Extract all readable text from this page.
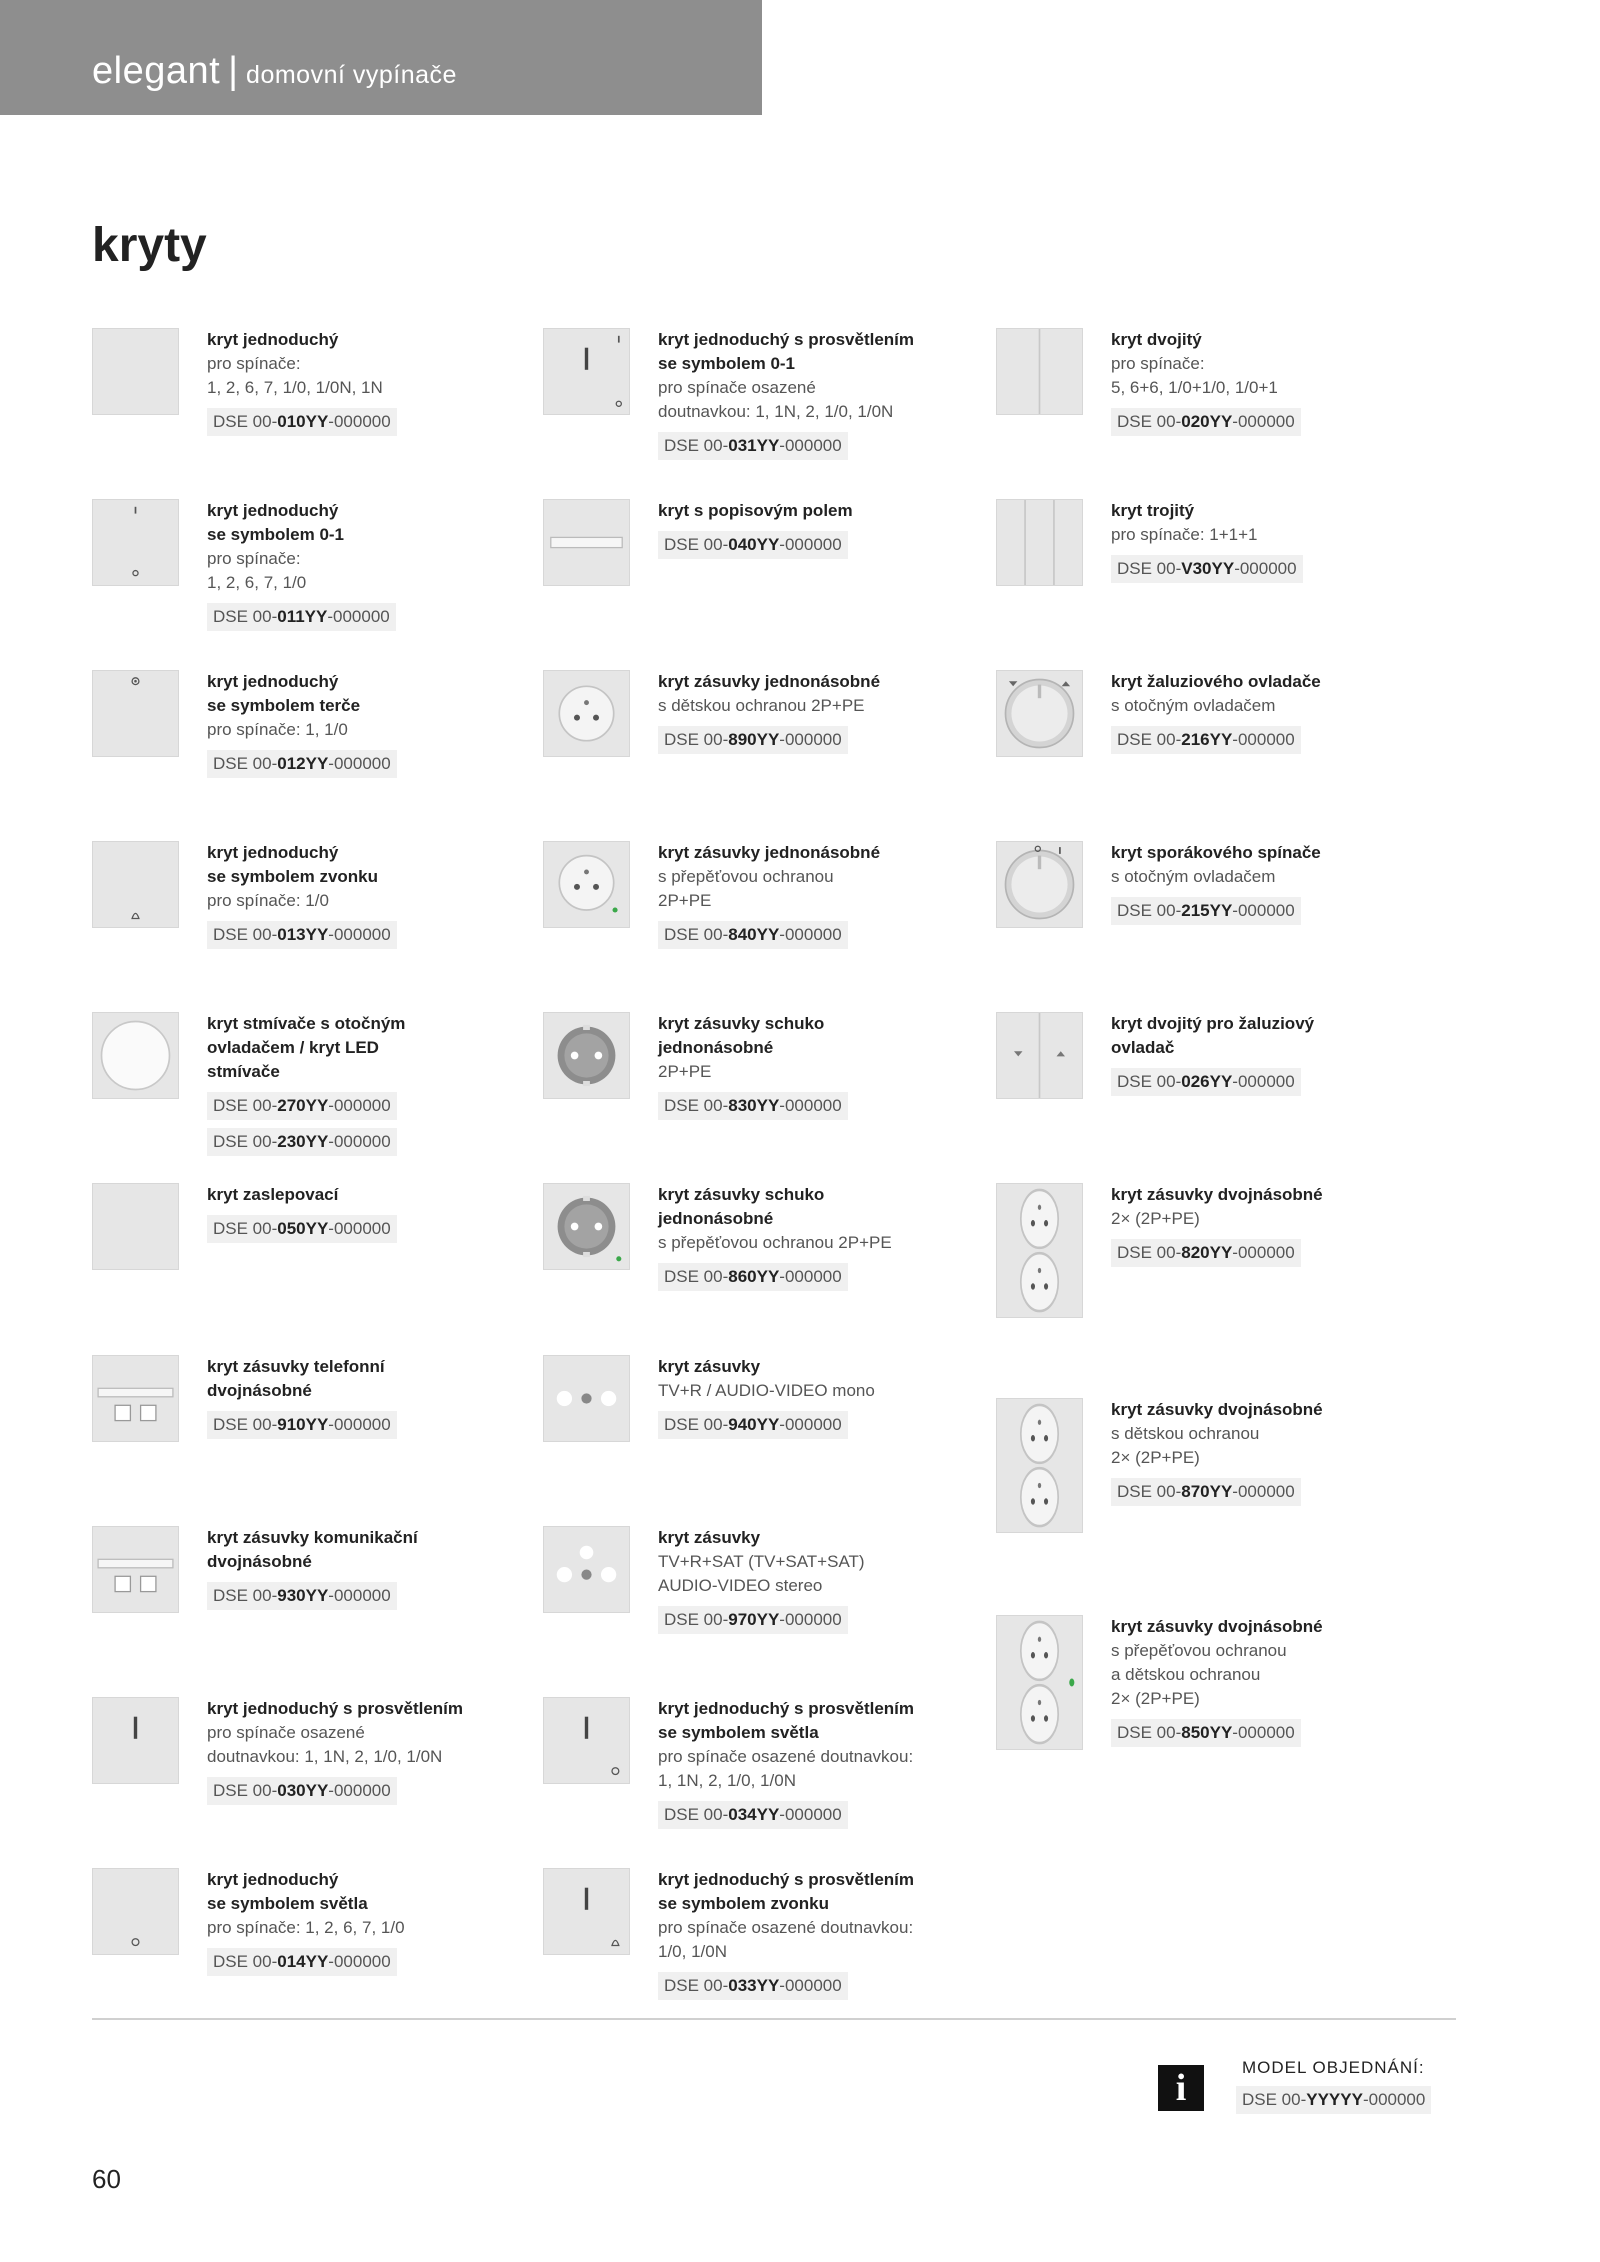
elegant | domovní vypínače
kryty

kryt jednoduchý

pro spínače:

1, 2, 6, 7, 1/0, 1/0N, 1N

DSE 00-010YY-000000

kryt jednoduchý s prosvětlením

se symbolem 0-1

pro spínače osazené

doutnavkou: 1, 1N, 2, 1/0, 1/0N

DSE 00-031YY-000000

kryt dvojitý

pro spínače:

5, 6+6, 1/0+1/0, 1/0+1

DSE 00-020YY-000000

kryt jednoduchý

se symbolem 0-1

pro spínače:

1, 2, 6, 7, 1/0

DSE 00-011YY-000000

kryt s popisovým polem

DSE 00-040YY-000000

kryt trojitý

pro spínače: 1+1+1

DSE 00-V30YY-000000

kryt jednoduchý

se symbolem terče

pro spínače: 1, 1/0

DSE 00-012YY-000000

kryt zásuvky jednonásobné

s dětskou ochranou 2P+PE

DSE 00-890YY-000000

kryt žaluziového ovladače

s otočným ovladačem

DSE 00-216YY-000000

kryt jednoduchý

se symbolem zvonku

pro spínače: 1/0

DSE 00-013YY-000000

kryt zásuvky jednonásobné

s přepěťovou ochranou

2P+PE

DSE 00-840YY-000000

kryt sporákového spínače

s otočným ovladačem

DSE 00-215YY-000000

kryt stmívače s otočným

ovladačem / kryt LED

stmívače

DSE 00-270YY-000000
DSE 00-230YY-000000

kryt zásuvky schuko

jednonásobné

2P+PE

DSE 00-830YY-000000

kryt dvojitý pro žaluziový

ovladač

DSE 00-026YY-000000

kryt zaslepovací

DSE 00-050YY-000000

kryt zásuvky schuko

jednonásobné

s přepěťovou ochranou 2P+PE

DSE 00-860YY-000000

kryt zásuvky dvojnásobné

2× (2P+PE)

DSE 00-820YY-000000

kryt zásuvky telefonní

dvojnásobné

DSE 00-910YY-000000

kryt zásuvky

TV+R / AUDIO-VIDEO mono

DSE 00-940YY-000000

kryt zásuvky dvojnásobné

s dětskou ochranou

2× (2P+PE)

DSE 00-870YY-000000

kryt zásuvky komunikační

dvojnásobné

DSE 00-930YY-000000

kryt zásuvky

TV+R+SAT (TV+SAT+SAT)

AUDIO-VIDEO stereo

DSE 00-970YY-000000	kryt zásuvky dvojnásobné

s přepěťovou ochranou

a dětskou ochranou

2× (2P+PE)

DSE 00-850YY-000000

kryt jednoduchý s prosvětlením

pro spínače osazené

doutnavkou: 1, 1N, 2, 1/0, 1/0N

DSE 00-030YY-000000

kryt jednoduchý s prosvětlením

se symbolem světla

pro spínače osazené doutnavkou:

1, 1N, 2, 1/0, 1/0N

DSE 00-034YY-000000

kryt jednoduchý

se symbolem světla

pro spínače: 1, 2, 6, 7, 1/0

DSE 00-014YY-000000

kryt jednoduchý s prosvětlením

se symbolem zvonku

pro spínače osazené doutnavkou:

1/0, 1/0N

DSE 00-033YY-000000
i	MODEL OBJEDNÁNÍ:
DSE 00-YYYYY-000000
60
